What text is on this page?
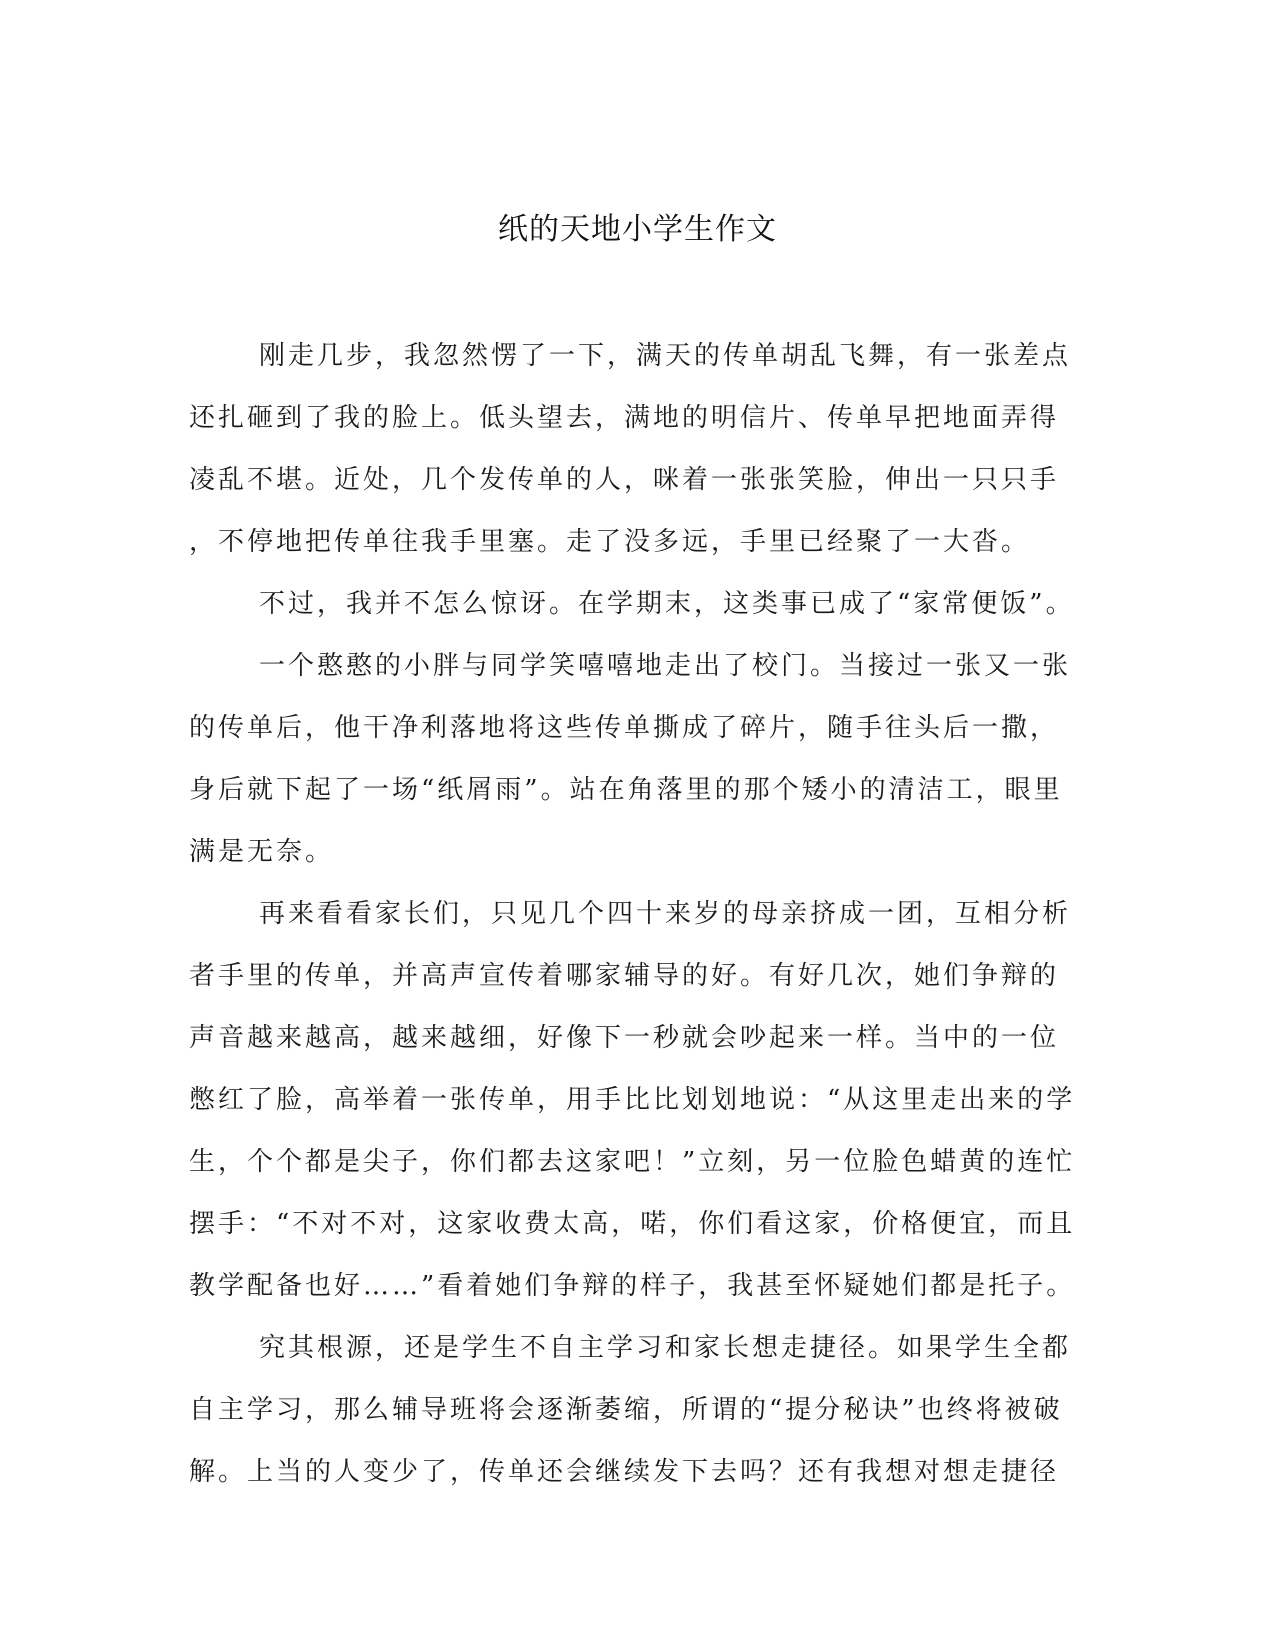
纸的天地小学生作文
刚走几步，我忽然愣了一下，满天的传单胡乱飞舞，有一张差点
还扎砸到了我的脸上。低头望去，满地的明信片、传单早把地面弄得
凌乱不堪。近处，几个发传单的人，咪着一张张笑脸，伸出一只只手
，不停地把传单往我手里塞。走了没多远，手里已经聚了一大沓。
不过，我并不怎么惊讶。在学期末，这类事已成了“家常便饭”。
一个憨憨的小胖与同学笑嘻嘻地走出了校门。当接过一张又一张
的传单后，他干净利落地将这些传单撕成了碎片，随手往头后一撒，
身后就下起了一场“纸屑雨”。站在角落里的那个矮小的清洁工，眼里
满是无奈。
再来看看家长们，只见几个四十来岁的母亲挤成一团，互相分析
者手里的传单，并高声宣传着哪家辅导的好。有好几次，她们争辩的
声音越来越高，越来越细，好像下一秒就会吵起来一样。当中的一位
憋红了脸，高举着一张传单，用手比比划划地说：“从这里走出来的学
生，个个都是尖子，你们都去这家吧！”立刻，另一位脸色蜡黄的连忙
摆手：“不对不对，这家收费太高，喏，你们看这家，价格便宜，而且
教学配备也好……”看着她们争辩的样子，我甚至怀疑她们都是托子。
究其根源，还是学生不自主学习和家长想走捷径。如果学生全都
自主学习，那么辅导班将会逐渐萎缩，所谓的“提分秘诀”也终将被破
解。上当的人变少了，传单还会继续发下去吗？还有我想对想走捷径
